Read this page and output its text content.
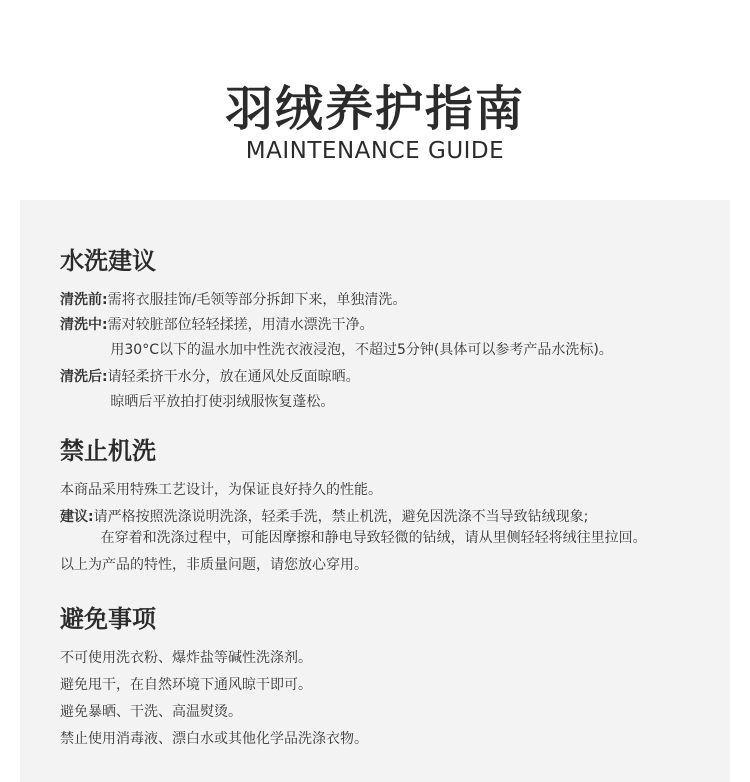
羽绒养护指南
MAINTENANCE GUIDE
水洗建议
清洗前: 需将衣服挂饰/毛领等部分拆卸下来，单独清洗。
清洗中: 需对较脏部位轻轻揉搓，用清水漂洗干净。
用30°C以下的温水加中性洗衣液浸泡，不超过5分钟(具体可以参考产品水洗标)。
清洗后: 请轻柔挤干水分，放在通风处反面晾晒。
晾晒后平放拍打使羽绒服恢复蓬松。
禁止机洗
本商品采用特殊工艺设计，为保证良好持久的性能。
建议: 请严格按照洗涤说明洗涤，轻柔手洗，禁止机洗，避免因洗涤不当导致钻绒现象;
在穿着和洗涤过程中，可能因摩擦和静电导致轻微的钻绒，请从里侧轻轻将绒往里拉回。
以上为产品的特性，非质量问题，请您放心穿用。
避免事项
不可使用洗衣粉、爆炸盐等碱性洗涤剂。
避免甩干，在自然环境下通风晾干即可。
避免暴晒、干洗、高温熨烫。
禁止使用消毒液、漂白水或其他化学品洗涤衣物。
